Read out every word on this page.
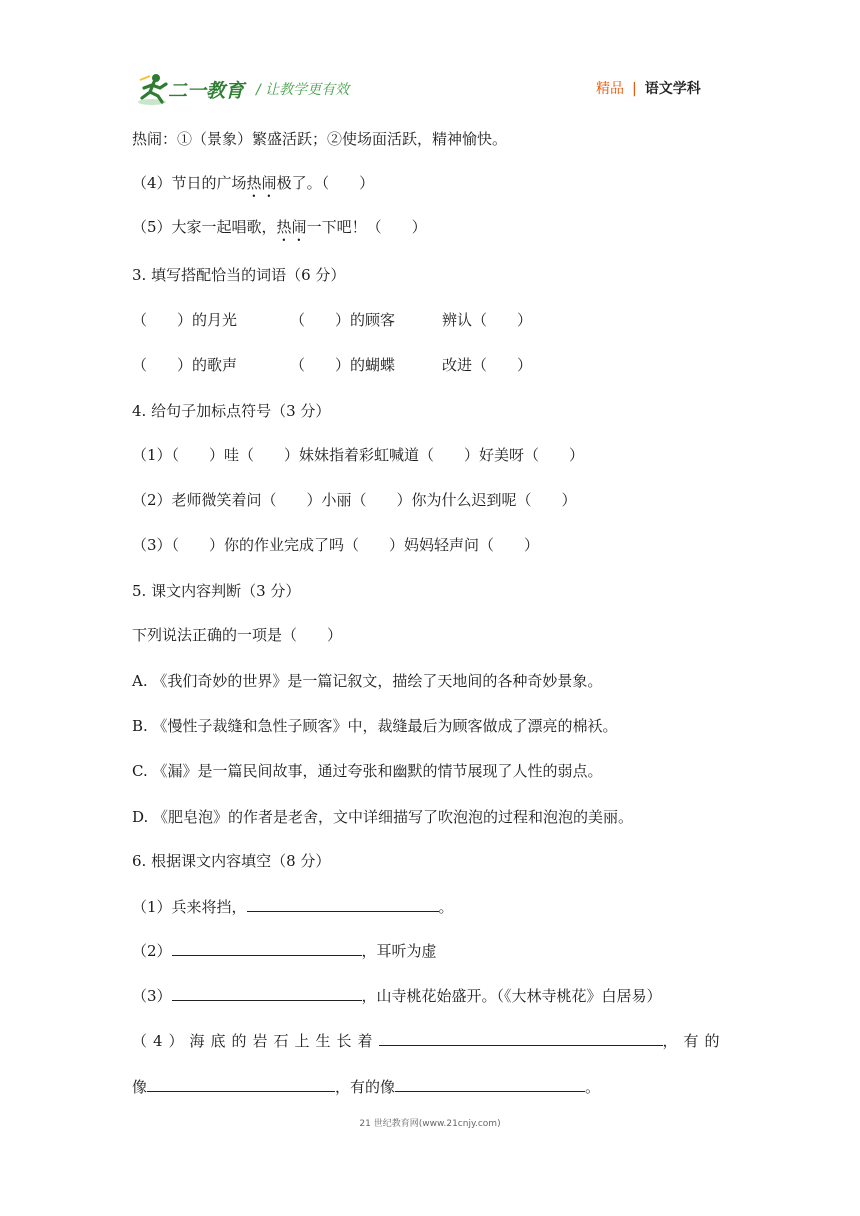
二一教育 / 让教学更有效	精品 | 语文学科
热闹：①（景象）繁盛活跃；②使场面活跃，精神愉快。
（4）节日的广场热闹极了。（　　）
（5）大家一起唱歌，热闹一下吧！（　　）
3. 填写搭配恰当的词语（6 分）
（　　）的月光	（　　）的顾客	辨认（　　）
（　　）的歌声	（　　）的蝴蝶	改进（　　）
4. 给句子加标点符号（3 分）
（1）（　　）哇（　　）妹妹指着彩虹喊道（　　）好美呀（　　）
（2）老师微笑着问（　　）小丽（　　）你为什么迟到呢（　　）
（3）（　　）你的作业完成了吗（　　）妈妈轻声问（　　）
5. 课文内容判断（3 分）
下列说法正确的一项是（　　）
A. 《我们奇妙的世界》是一篇记叙文，描绘了天地间的各种奇妙景象。
B. 《慢性子裁缝和急性子顾客》中，裁缝最后为顾客做成了漂亮的棉袄。
C. 《漏》是一篇民间故事，通过夸张和幽默的情节展现了人性的弱点。
D. 《肥皂泡》的作者是老舍，文中详细描写了吹泡泡的过程和泡泡的美丽。
6. 根据课文内容填空（8 分）
（1）兵来将挡，	。
（2）	，耳听为虚
（3）	，山寺桃花始盛开。（《大林寺桃花》白居易）
（4）海底的岩石上生长着	，有的
像	，有的像	。
21 世纪教育网(www.21cnjy.com)
